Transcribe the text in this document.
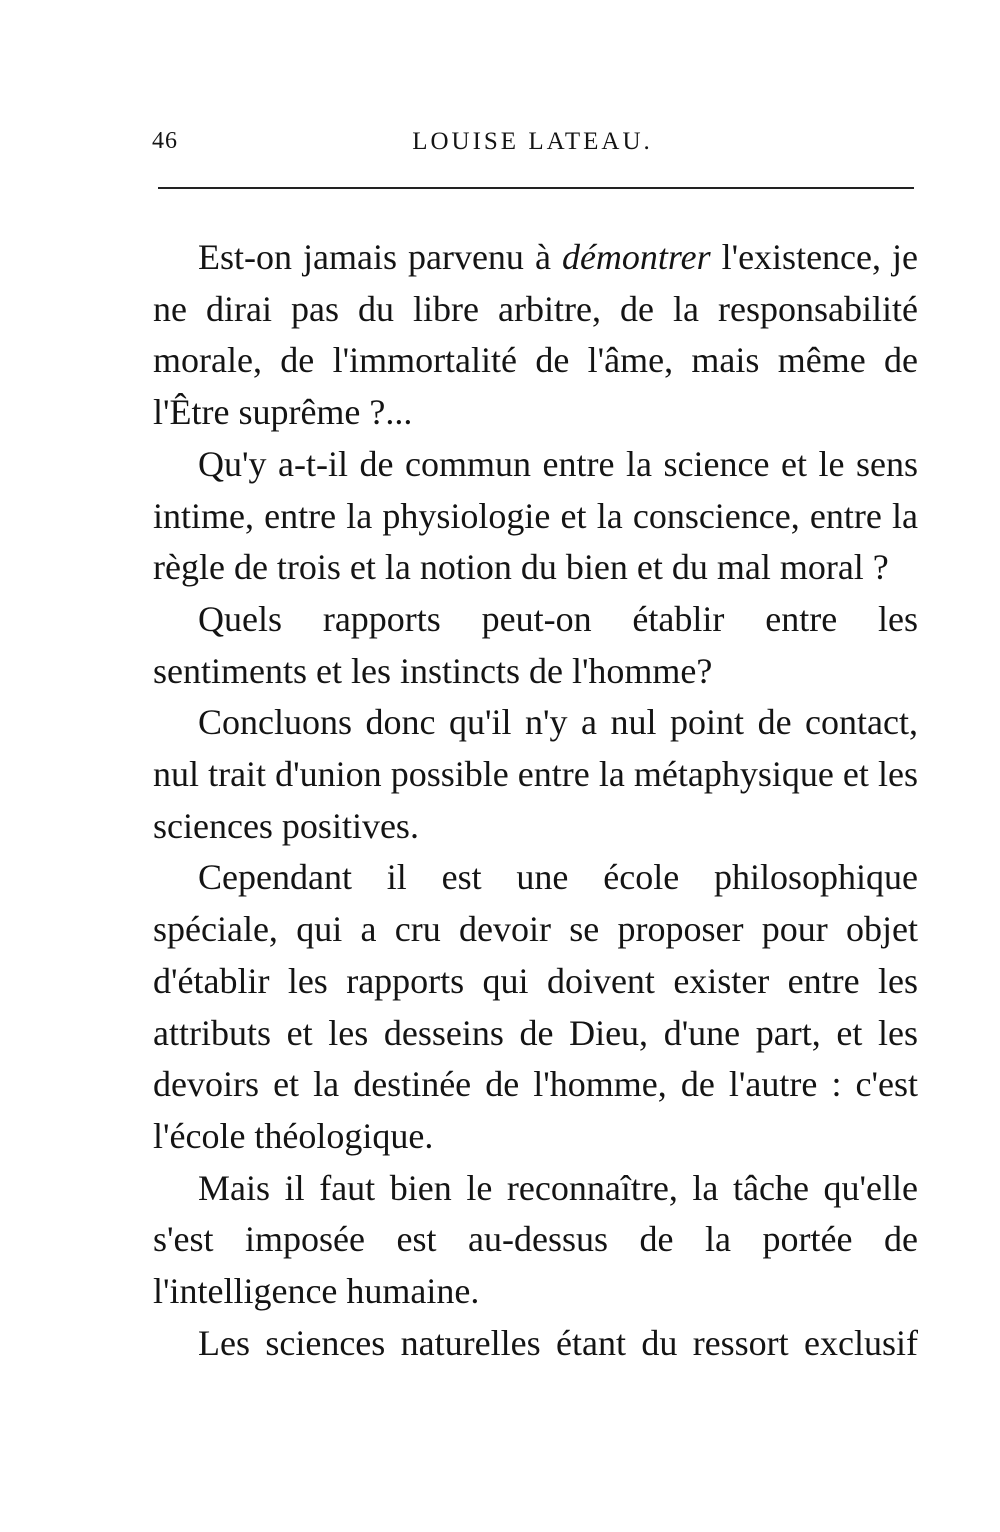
46	LOUISE LATEAU.

Est-on jamais parvenu à démontrer l'existence, je ne dirai pas du libre arbitre, de la responsabilité morale, de l'immortalité de l'âme, mais même de l'Être suprême ?...

Qu'y a-t-il de commun entre la science et le sens intime, entre la physiologie et la conscience, entre la règle de trois et la notion du bien et du mal moral ?

Quels rapports peut-on établir entre les sentiments et les instincts de l'homme?

Concluons donc qu'il n'y a nul point de contact, nul trait d'union possible entre la métaphysique et les sciences positives.

Cependant il est une école philosophique spéciale, qui a cru devoir se proposer pour objet d'établir les rapports qui doivent exister entre les attributs et les desseins de Dieu, d'une part, et les devoirs et la destinée de l'homme, de l'autre : c'est l'école théologique.

Mais il faut bien le reconnaître, la tâche qu'elle s'est imposée est au-dessus de la portée de l'intelligence humaine.

Les sciences naturelles étant du ressort exclusif
